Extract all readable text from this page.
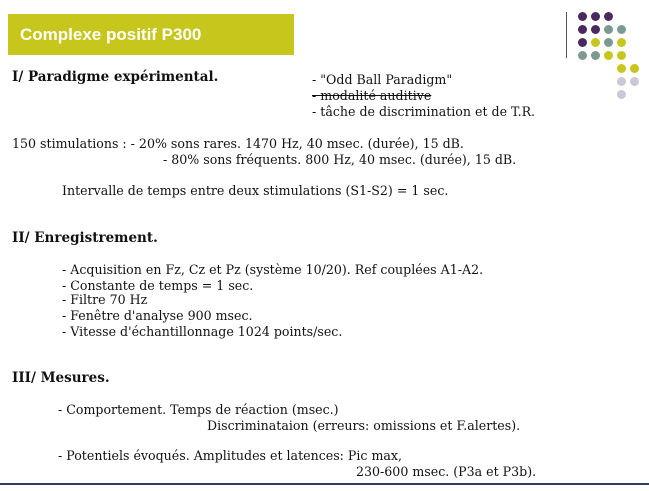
Complexe positif P300
I/ Paradigme expérimental.	- "Odd Ball Paradigm"
- modalité auditive
- tâche de discrimination et de T.R.
150 stimulations : - 20% sons rares. 1470 Hz, 40 msec. (durée), 15 dB.
- 80% sons fréquents. 800 Hz, 40 msec. (durée), 15 dB.
Intervalle de temps entre deux stimulations (S1-S2) = 1 sec.
II/ Enregistrement.
- Acquisition en Fz, Cz et Pz (système 10/20). Ref couplées A1-A2.
- Constante de temps = 1 sec.
- Filtre 70 Hz
- Fenêtre d'analyse 900 msec.
- Vitesse d'échantillonnage 1024 points/sec.
III/ Mesures.
- Comportement. Temps de réaction (msec.)
Discriminataion (erreurs: omissions et F.alertes).
- Potentiels évoqués. Amplitudes et latences: Pic max,
230-600 msec. (P3a et P3b).
